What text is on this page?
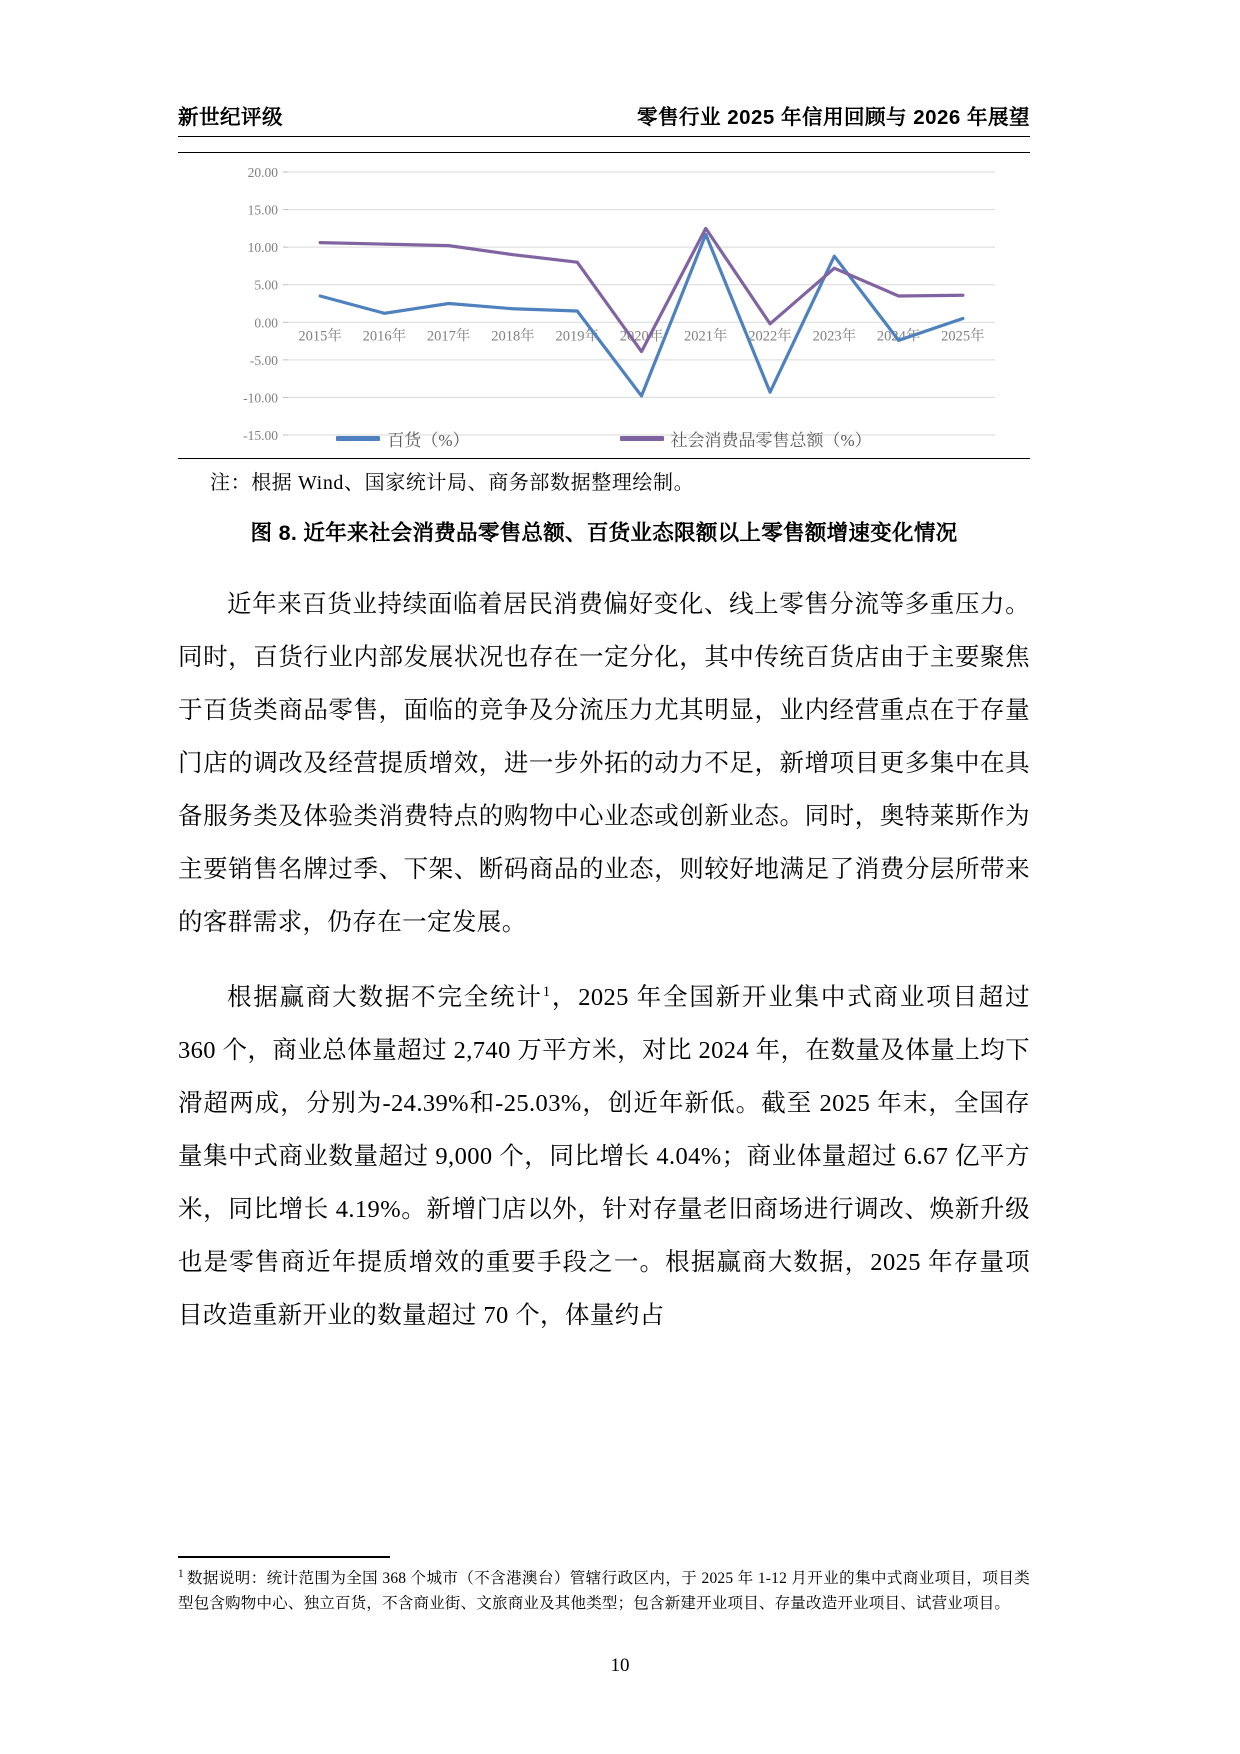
新世纪评级	零售行业 2025 年信用回顾与 2026 年展望
20.00
15.00
10.00
5.00
0.00
-5.00
-10.00
-15.00
2015年 2016年 2017年 2018年 2019年 2020年 2021年 2022年 2023年 2024年 2025年
百货（%）	社会消费品零售总额（%）
注：根据 Wind、国家统计局、商务部数据整理绘制。
图 8. 近年来社会消费品零售总额、百货业态限额以上零售额增速变化情况

近年来百货业持续面临着居民消费偏好变化、线上零售分流等多重压力。同时，百货行业内部发展状况也存在一定分化，其中传统百货店由于主要聚焦于百货类商品零售，面临的竞争及分流压力尤其明显，业内经营重点在于存量门店的调改及经营提质增效，进一步外拓的动力不足，新增项目更多集中在具备服务类及体验类消费特点的购物中心业态或创新业态。同时，奥特莱斯作为主要销售名牌过季、下架、断码商品的业态，则较好地满足了消费分层所带来的客群需求，仍存在一定发展。

根据赢商大数据不完全统计$^1$，2025 年全国新开业集中式商业项目超过 360 个，商业总体量超过 2,740 万平方米，对比 2024 年，在数量及体量上均下滑超两成，分别为-24.39%和-25.03%，创近年新低。截至 2025 年末，全国存量集中式商业数量超过 9,000 个，同比增长 4.04%；商业体量超过 6.67 亿平方米，同比增长 4.19%。新增门店以外，针对存量老旧商场进行调改、焕新升级也是零售商近年提质增效的重要手段之一。根据赢商大数据，2025 年存量项目改造重新开业的数量超过 70 个，体量约占

$^1$ 数据说明：统计范围为全国 368 个城市（不含港澳台）管辖行政区内，于 2025 年 1-12 月开业的集中式商业项目，项目类型包含购物中心、独立百货，不含商业街、文旅商业及其他类型；包含新建开业项目、存量改造开业项目、试营业项目。
10
